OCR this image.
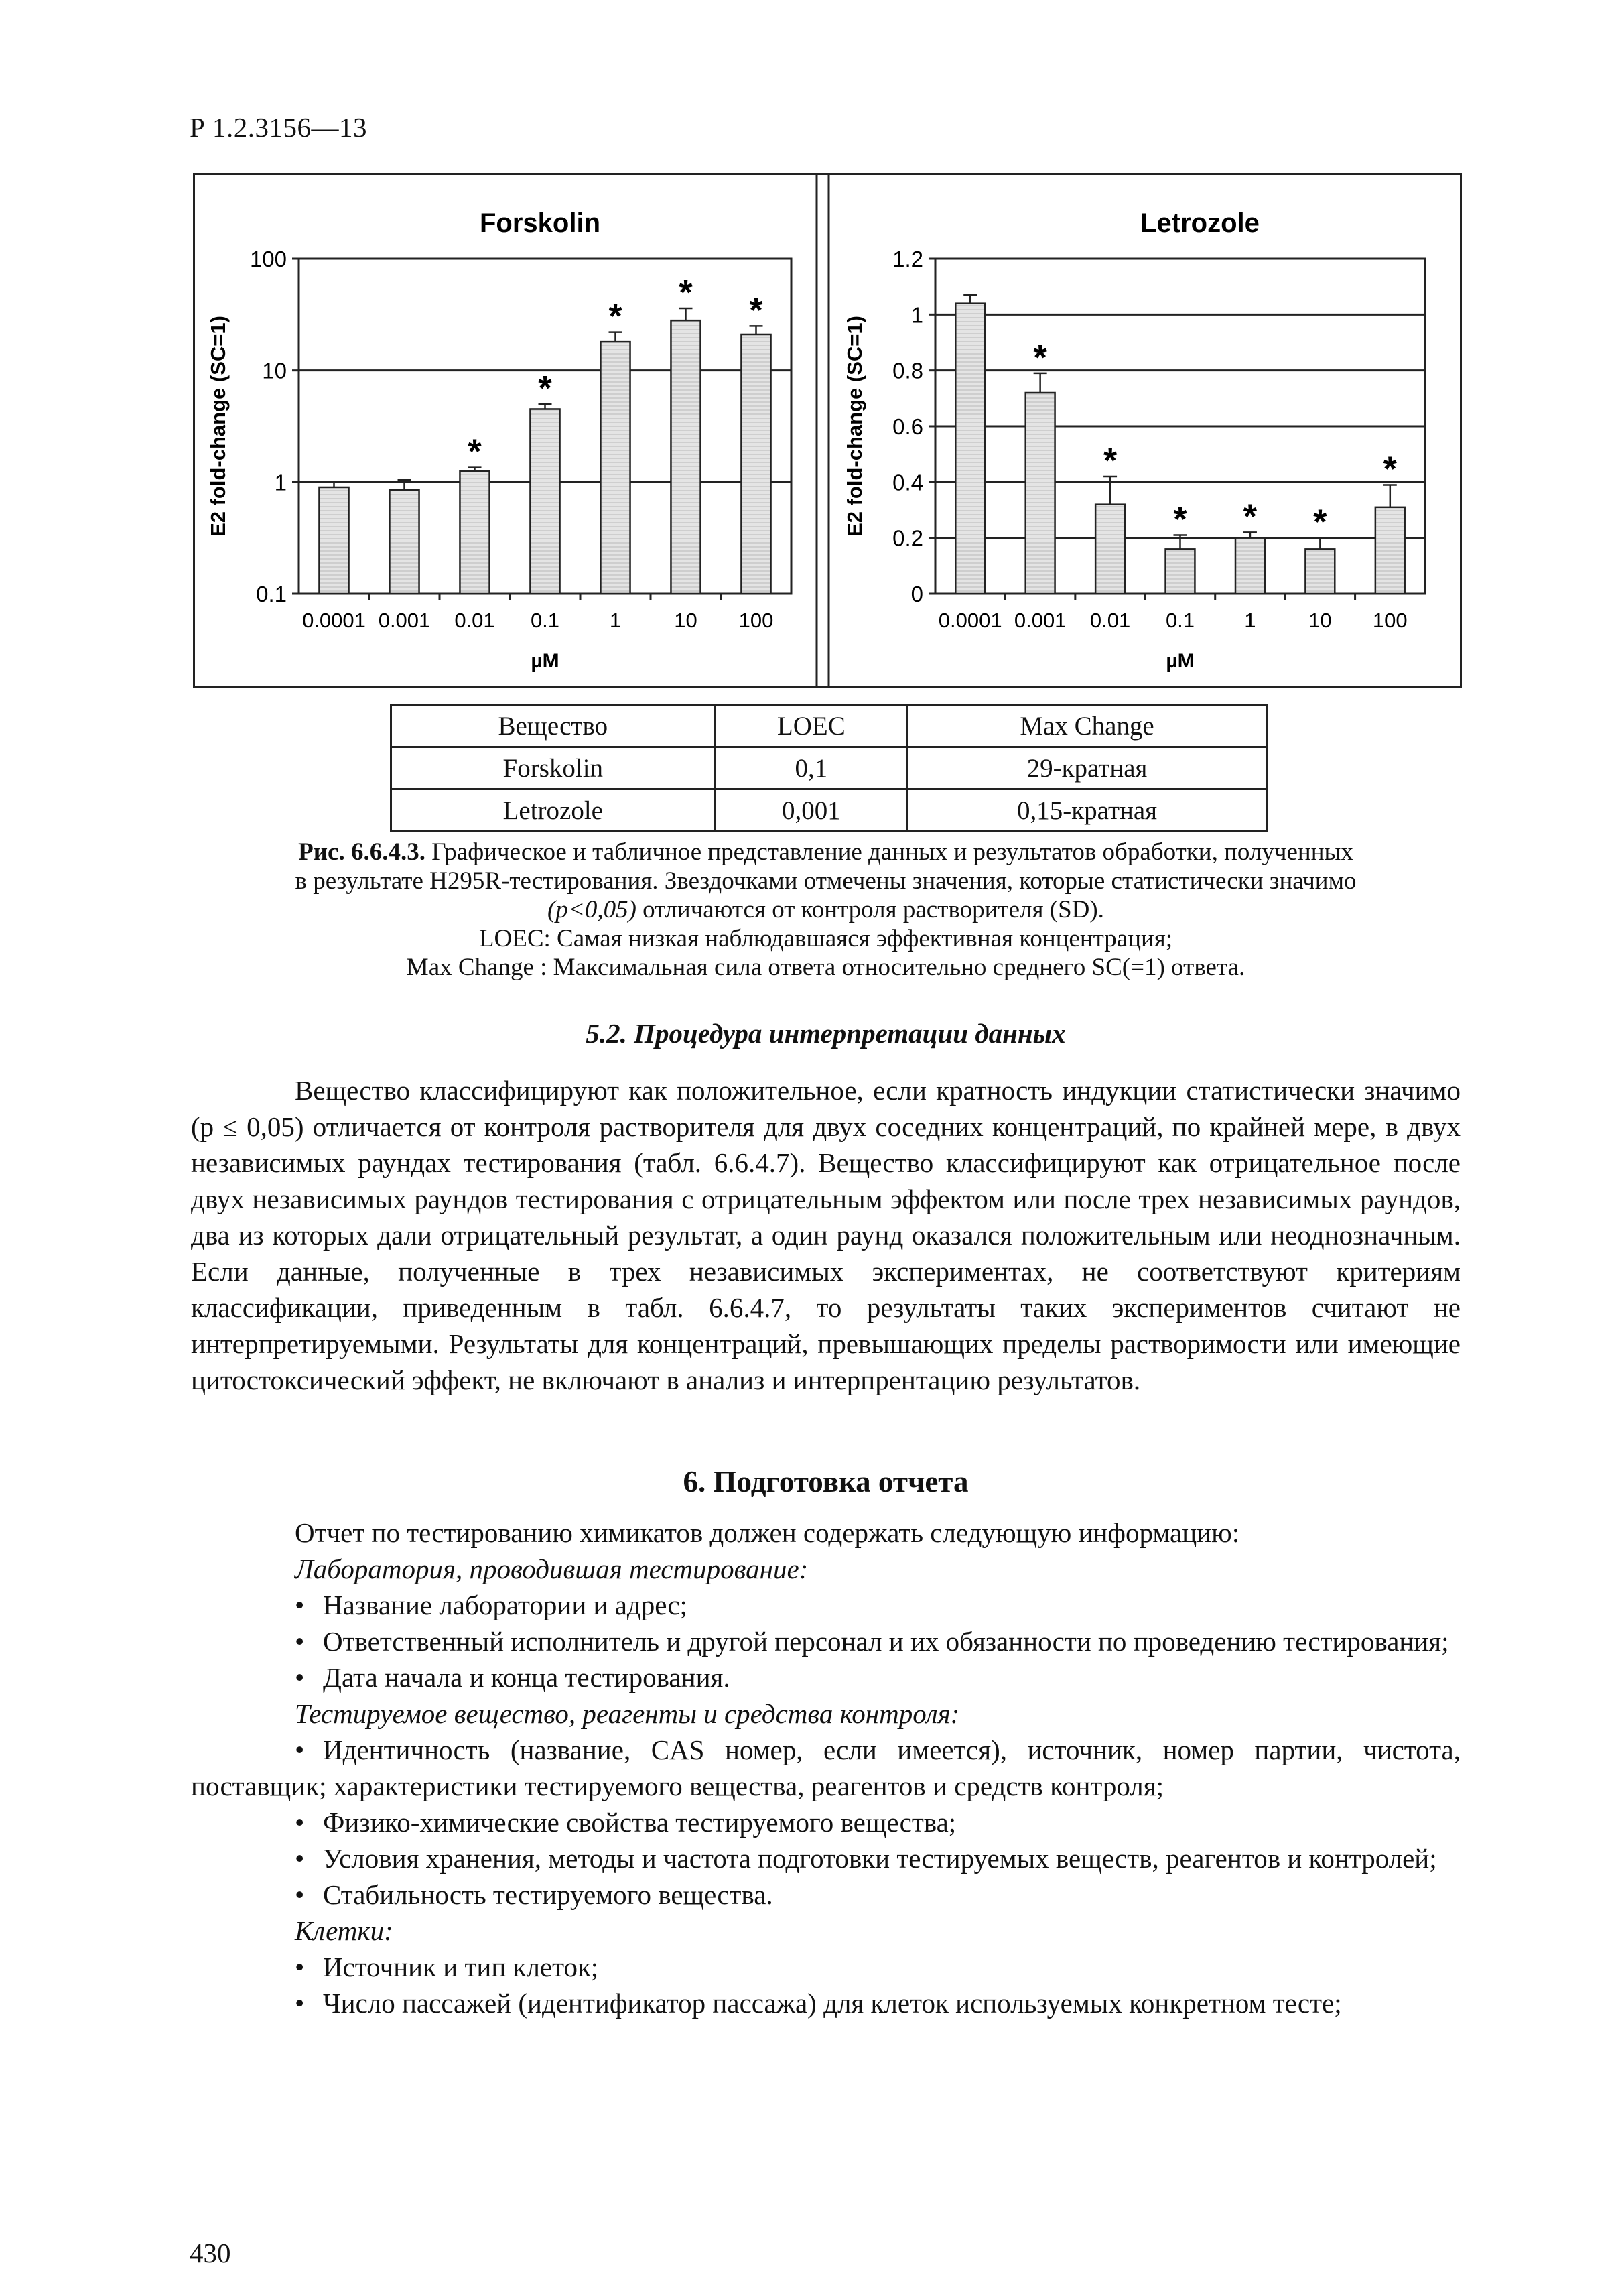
Р 1.2.3156—13
Forskolin
0.1
1
10
100
E2 fold-change (SC=1)
0.0001 0.001
*
0.01
*
0.1
*
1
*
10
*
100
µM
Letrozole
0
0.2
0.4
0.6
0.8
1
1.2
E2 fold-change (SC=1)
0.0001
*
0.001
*
0.01
*
0.1
*
1
*
10
*
100
µM
Вещество	LOEC	Max Change
Forskolin	0,1	29-кратная
Letrozole	0,001	0,15-кратная
Рис. 6.6.4.3. Графическое и табличное представление данных и результатов обработки, полученных
в результате H295R-тестирования. Звездочками отмечены значения, которые статистически значимо
(p<0,05) отличаются от контроля растворителя (SD).
LOEC: Самая низкая наблюдавшаяся эффективная концентрация;
Max Change : Максимальная сила ответа относительно среднего SC(=1) ответа.
5.2. Процедура интерпретации данных

Вещество классифицируют как положительное, если кратность индукции статистически значимо (p ≤ 0,05) отличается от контроля растворителя для двух соседних концентраций, по крайней мере, в двух независимых раундах тестирования (табл. 6.6.4.7). Вещество классифицируют как отрицательное после двух независимых раундов тестирования с отрицательным эффектом или после трех независимых раундов, два из которых дали отрицательный результат, а один раунд оказался положительным или неоднозначным. Если данные, полученные в трех независимых экспериментах, не соответствуют критериям классификации, приведенным в табл. 6.6.4.7, то результаты таких экспериментов считают не интерпретируемыми. Результаты для концентраций, превышающих пределы растворимости или имеющие цитостоксический эффект, не включают в анализ и интерпрентацию результатов.

6. Подготовка отчета

Отчет по тестированию химикатов должен содержать следующую информацию:

Лаборатория, проводившая тестирование:

• Название лаборатории и адрес;

• Ответственный исполнитель и другой персонал и их обязанности по проведению тестирования;

• Дата начала и конца тестирования.

Тестируемое вещество, реагенты и средства контроля:

• Идентичность (название, CAS номер, если имеется), источник, номер партии, чистота, поставщик; характеристики тестируемого вещества, реагентов и средств контроля;

• Физико-химические свойства тестируемого вещества;

• Условия хранения, методы и частота подготовки тестируемых веществ, реагентов и контролей;

• Стабильность тестируемого вещества.

Клетки:

• Источник и тип клеток;

• Число пассажей (идентификатор пассажа) для клеток используемых конкретном тесте;

430
